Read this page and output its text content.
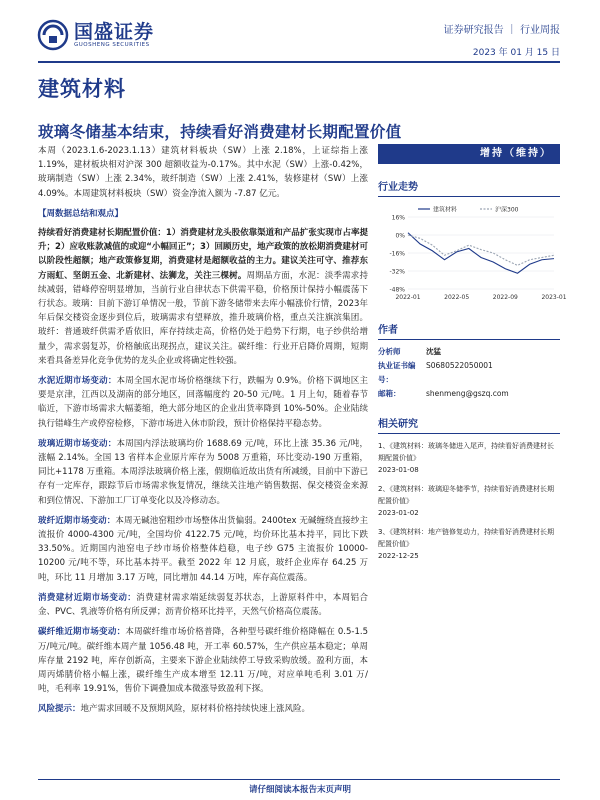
国盛证券
GUOSHENG SECURITIES
证券研究报告 ｜ 行业周报
2023 年 01 月 15 日
建筑材料
玻璃冬储基本结束，持续看好消费建材长期配置价值

本周（2023.1.6-2023.1.13）建筑材料板块（SW）上涨 2.18%，上证综指上涨 1.19%，建材板块相对沪深 300 超额收益为-0.17%。其中水泥（SW）上涨-0.42%，玻璃制造（SW）上涨 2.34%，玻纤制造（SW）上涨 2.41%，装修建材（SW）上涨 4.09%。本周建筑材料板块（SW）资金净流入额为 -7.87 亿元。

【周数据总结和观点】

持续看好消费建材长期配置价值：1）消费建材龙头股依靠渠道和产品扩张实现市占率提升；2）应收账款减值的或迎“小幅回正”；3）回顾历史，地产政策的放松期消费建材可以阶段性超额；地产政策修复期，消费建材是超额收益的主力。建议关注可守、推荐东方雨虹、坚朗五金、北新建材、法狮龙，关注三棵树。周期品方面，水泥：淡季需求持续减弱，错峰停窑明显增加，当前行业自律状态下供需平稳，价格预计保持小幅震荡下行状态。玻璃：目前下游订单情况一般，节前下游冬储带来去库小幅涨价行情，2023年年后保交楼资金逐步到位后，玻璃需求有望释放，推升玻璃价格，重点关注旗滨集团。玻纤：普通玻纤供需矛盾依旧，库存持续走高，价格仍处于趋势下行期，电子纱供给增量少，需求弱复苏，价格触底出现拐点，建议关注。碳纤维：行业开启降价周期，短期来看具备差异化竞争优势的龙头企业或将确定性较强。

水泥近期市场变动：本周全国水泥市场价格继续下行，跌幅为 0.9%。价格下调地区主要是京津，江西以及湖南的部分地区，回落幅度约 20-50 元/吨。1 月上旬，随着春节临近，下游市场需求大幅萎缩，绝大部分地区的企业出货率降到 10%-50%。企业陆续执行错峰生产或停窑检修，下游市场进入休市阶段，预计价格保持平稳态势。

玻璃近期市场变动：本周国内浮法玻璃均价 1688.69 元/吨，环比上涨 35.36 元/吨，涨幅 2.14%。全国 13 省样本企业原片库存为 5008 万重箱，环比变动-190 万重箱，同比+1178 万重箱。本周浮法玻璃价格上涨，假期临近故出货有所减缓，目前中下游已存有一定库存，跟踪节后市场需求恢复情况，继续关注地产销售数据、保交楼资金来源和到位情况、下游加工厂订单变化以及冷修动态。

玻纤近期市场变动：本周无碱池窑粗纱市场整体出货偏弱。2400tex 无碱缠绕直接纱主流报价 4000-4300 元/吨，全国均价 4122.75 元/吨，均价环比基本持平，同比下跌 33.50%。近期国内池窑电子纱市场价格整体趋稳，电子纱 G75 主流报价 10000-10200 元/吨不等，环比基本持平。截至 2022 年 12 月底，玻纤企业库存 64.25 万吨，环比 11 月增加 3.17 万吨，同比增加 44.14 万吨，库存高位震荡。

消费建材近期市场变动：消费建材需求端延续弱复苏状态，上游原料件中，本周铝合金、PVC、乳液等价格有所反弹；沥青价格环比持平，天然气价格高位震荡。

碳纤维近期市场变动：本周碳纤维市场价格普降，各种型号碳纤维价格降幅在 0.5-1.5 万/吨元/吨。碳纤维本周产量 1056.48 吨，开工率 60.57%，生产供应基本稳定；单周库存量 2192 吨，库存创新高，主要来下游企业陆续停工导致采购放缓。盈利方面，本周丙烯腈价格小幅上涨，碳纤维生产成本增至 12.11 万/吨，对应单吨毛利 3.01 万/吨，毛利率 19.91%，售价下调叠加成本微涨导致盈利下探。

风险提示：地产需求回暖不及预期风险，原材料价格持续快速上涨风险。

增持（维持）
行业走势
16%
0%
-16%
-32%
-48%
2022-01	2022-05	2022-09	2023-01
建筑材料	沪深300
作者
分析师	沈猛
执业证书编号：
S0680522050001
邮箱：	shenmeng@gszq.com
相关研究
1、《建筑材料：玻璃冬储进入尾声，持续看好消费建材长期配置价值》
2023-01-08
2、《建筑材料：玻璃迎冬储季节，持续看好消费建材长期配置价值》
2023-01-02
3、《建筑材料：地产链修复动力，持续看好消费建材长期配置价值》
2022-12-25
请仔细阅读本报告末页声明
